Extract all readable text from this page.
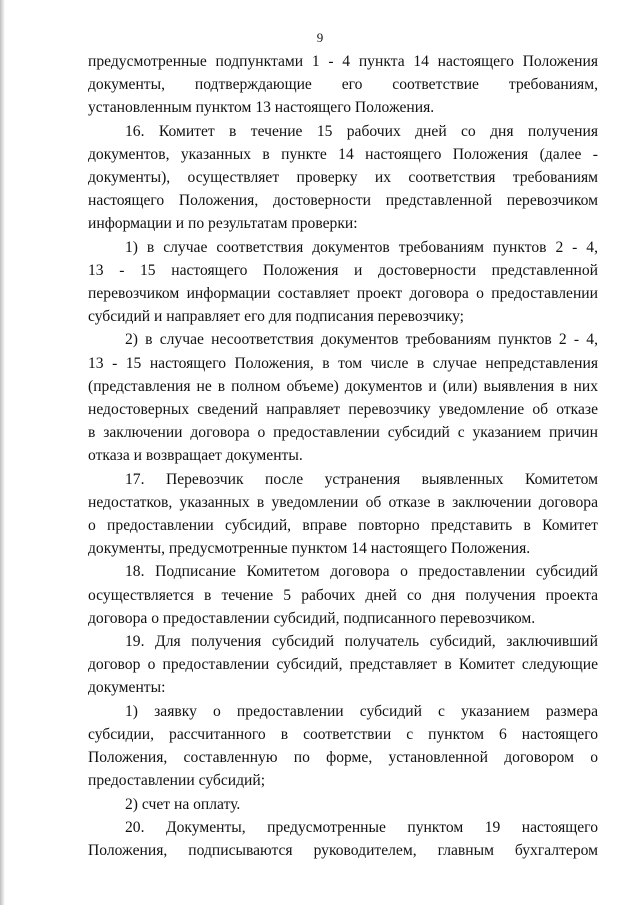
9
предусмотренные подпунктами 1 - 4 пункта 14 настоящего Положения
документы, подтверждающие его соответствие требованиям,
установленным пунктом 13 настоящего Положения.
16. Комитет в течение 15 рабочих дней со дня получения
документов, указанных в пункте 14 настоящего Положения (далее -
документы), осуществляет проверку их соответствия требованиям
настоящего Положения, достоверности представленной перевозчиком
информации и по результатам проверки:
1) в случае соответствия документов требованиям пунктов 2 - 4,
13 - 15 настоящего Положения и достоверности представленной
перевозчиком информации составляет проект договора о предоставлении
субсидий и направляет его для подписания перевозчику;
2) в случае несоответствия документов требованиям пунктов 2 - 4,
13 - 15 настоящего Положения, в том числе в случае непредставления
(представления не в полном объеме) документов и (или) выявления в них
недостоверных сведений направляет перевозчику уведомление об отказе
в заключении договора о предоставлении субсидий с указанием причин
отказа и возвращает документы.
17. Перевозчик после устранения выявленных Комитетом
недостатков, указанных в уведомлении об отказе в заключении договора
о предоставлении субсидий, вправе повторно представить в Комитет
документы, предусмотренные пунктом 14 настоящего Положения.
18. Подписание Комитетом договора о предоставлении субсидий
осуществляется в течение 5 рабочих дней со дня получения проекта
договора о предоставлении субсидий, подписанного перевозчиком.
19. Для получения субсидий получатель субсидий, заключивший
договор о предоставлении субсидий, представляет в Комитет следующие
документы:
1) заявку о предоставлении субсидий с указанием размера
субсидии, рассчитанного в соответствии с пунктом 6 настоящего
Положения, составленную по форме, установленной договором о
предоставлении субсидий;
2) счет на оплату.
20. Документы, предусмотренные пунктом 19 настоящего
Положения, подписываются руководителем, главным бухгалтером
